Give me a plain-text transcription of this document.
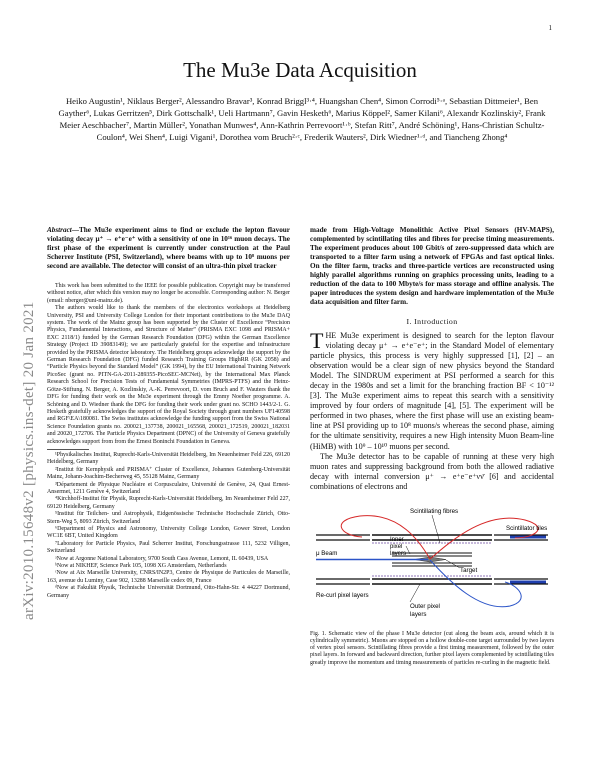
1
arXiv:2010.15648v2 [physics.ins-det] 20 Jan 2021
The Mu3e Data Acquisition
Heiko Augustin¹, Niklaus Berger², Alessandro Bravar³, Konrad Briggl³·⁴, Huangshan Chen⁴, Simon Corrodi⁵·ᵃ, Sebastian Dittmeier¹, Ben Gayther⁶, Lukas Gerritzen⁵, Dirk Gottschalk¹, Ueli Hartmann⁷, Gavin Hesketh⁶, Marius Köppel², Samer Kilani⁶, Alexandr Kozlinskiy², Frank Meier Aeschbacher⁷, Martin Müller², Yonathan Munwes⁴, Ann-Kathrin Perrevoort¹·ᵇ, Stefan Ritt⁷, André Schöning¹, Hans-Christian Schultz-Coulon⁴, Wei Shen⁴, Luigi Vigani¹, Dorothea vom Bruch²·ᶜ, Frederik Wauters², Dirk Wiedner¹·ᵈ, and Tiancheng Zhong⁴

Abstract—The Mu3e experiment aims to find or exclude the lepton flavour violating decay μ⁺ → e⁺e⁻e⁺ with a sensitivity of one in 10¹⁶ muon decays. The first phase of the experiment is currently under construction at the Paul Scherrer Institute (PSI, Switzerland), where beams with up to 10⁸ muons per second are available. The detector will consist of an ultra-thin pixel tracker

This work has been submitted to the IEEE for possible publication. Copyright may be transferred without notice, after which this version may no longer be accessible. Corresponding author: N. Berger (email: nberger@uni-mainz.de).

The authors would like to thank the members of the electronics workshops at Heidelberg University, PSI and University College London for their important contributions to the Mu3e DAQ system. The work of the Mainz group has been supported by the Cluster of Excellence “Precision Physics, Fundamental Interactions, and Structure of Matter” (PRISMA EXC 1098 and PRISMA+ EXC 2118/1) funded by the German Research Foundation (DFG) within the German Excellence Strategy (Project ID 39083149); we are particularly grateful for the expertise and infrastructure provided by the PRISMA detector laboratory. The Heidelberg groups acknowledge the support by the German Research Foundation (DFG) funded Research Training Groups HighRR (GK 2058) and “Particle Physics beyond the Standard Model” (GK 1994), by the EU International Training Network PicoSec (grant no. PITN-GA-2011-289355-PicoSEC-MCNet), by the International Max Planck Research School for Precision Tests of Fundamental Symmetries (IMPRS-PTFS) and the Heinz-Götze-Stiftung. N. Berger, A. Kozlinskiy, A.-K. Perrevoort, D. vom Bruch and F. Wauters thank the DFG for funding their work on the Mu3e experiment through the Emmy Noether programme. A. Schöning and D. Wiedner thank the DFG for funding their work under grant no. SCHO 1443/2-1. G. Hesketh gratefully acknowledges the support of the Royal Society through grant numbers UF140598 and RGF\EA\180081. The Swiss institutes acknowledge the funding support from the Swiss National Science Foundation grants no. 200021_137738, 200021_165568, 200021_172519, 200021_182031 and 20020_172706. The Particle Physics Department (DPNC) of the University of Geneva gratefully acknowledges support from from the Ernest Boninchi Foundation in Geneva.

¹Physikalisches Institut, Ruprecht-Karls-Universität Heidelberg, Im Neuenheimer Feld 226, 69120 Heidelberg, Germany

²Institut für Kernphysik and PRISMA⁺ Cluster of Excellence, Johannes Gutenberg-Universität Mainz, Johann-Joachim-Becherweg 45, 55128 Mainz, Germany

³Département de Physique Nucléaire et Corpusculaire, Université de Genève, 24, Quai Ernest-Ansermet, 1211 Genève 4, Switzerland

⁴Kirchhoff-Institut für Physik, Ruprecht-Karls-Universität Heidelberg, Im Neuenheimer Feld 227, 69120 Heidelberg, Germany

⁵Institut für Teilchen- und Astrophysik, Eidgenössische Technische Hochschule Zürich, Otto-Stern-Weg 5, 8093 Zürich, Switzerland

⁶Department of Physics and Astronomy, University College London, Gower Street, London WC1E 6BT, United Kingdom

⁷Laboratory for Particle Physics, Paul Scherrer Institut, Forschungsstrasse 111, 5232 Villigen, Switzerland

ᵃNow at Argonne National Laboratory, 9700 South Cass Avenue, Lemont, IL 60439, USA

ᵇNow at NIKHEF, Science Park 105, 1098 XG Amsterdam, Netherlands

ᶜNow at Aix Marseille University, CNRS/IN2P3, Centre de Physique de Particules de Marseille, 163, avenue du Luminy, Case 902, 13288 Marseille cedex 09, France

ᵈNow at Fakultät Physik, Technische Universität Dortmund, Otto-Hahn-Str. 4 44227 Dortmund, Germany

made from High-Voltage Monolithic Active Pixel Sensors (HV-MAPS), complemented by scintillating tiles and fibres for precise timing measurements. The experiment produces about 100 Gbit/s of zero-suppressed data which are transported to a filter farm using a network of FPGAs and fast optical links. On the filter farm, tracks and three-particle vertices are reconstructed using highly parallel algorithms running on graphics processing units, leading to a reduction of the data to 100 Mbyte/s for mass storage and offline analysis. The paper introduces the system design and hardware implementation of the Mu3e data acquisition and filter farm.

I. Introduction

THE Mu3e experiment is designed to search for the lepton flavour violating decay μ⁺ → e⁺e⁻e⁺; in the Standard Model of elementary particle physics, this process is very highly suppressed [1], [2] – an observation would be a clear sign of new physics beyond the Standard Model. The SINDRUM experiment at PSI performed a search for this decay in the 1980s and set a limit for the branching fraction BF < 10⁻¹² [3]. The Mu3e experiment aims to repeat this search with a sensitivity improved by four orders of magnitude [4], [5]. The experiment will be performed in two phases, where the first phase will use an existing beam-line at PSI providing up to 10⁸ muons/s whereas the second phase, aiming for the ultimate sensitivity, requires a new High intensity Muon Beam-line (HiMB) with 10⁹ – 10¹⁰ muons per second.

The Mu3e detector has to be capable of running at these very high muon rates and suppressing background from both the allowed radiative decay with internal conversion μ⁺ → e⁺e⁻e⁺νν̄ [6] and accidental combinations of electrons and

Scintillating fibres
Scintillator tiles
μ Beam
Inner
pixel
layers
Target
Re-curl pixel layers
Outer pixel
layers
Fig. 1. Schematic view of the phase I Mu3e detector (cut along the beam axis, around which it is cylindrically symmetric). Muons are stopped on a hollow double-cone target surrounded by two layers of vertex pixel sensors. Scintillating fibres provide a first timing measurement, followed by the outer pixel layers. In forward and backward direction, further pixel layers complemented by scintillating tiles greatly improve the momentum and timing measurements of particles re-curling in the magnetic field.
